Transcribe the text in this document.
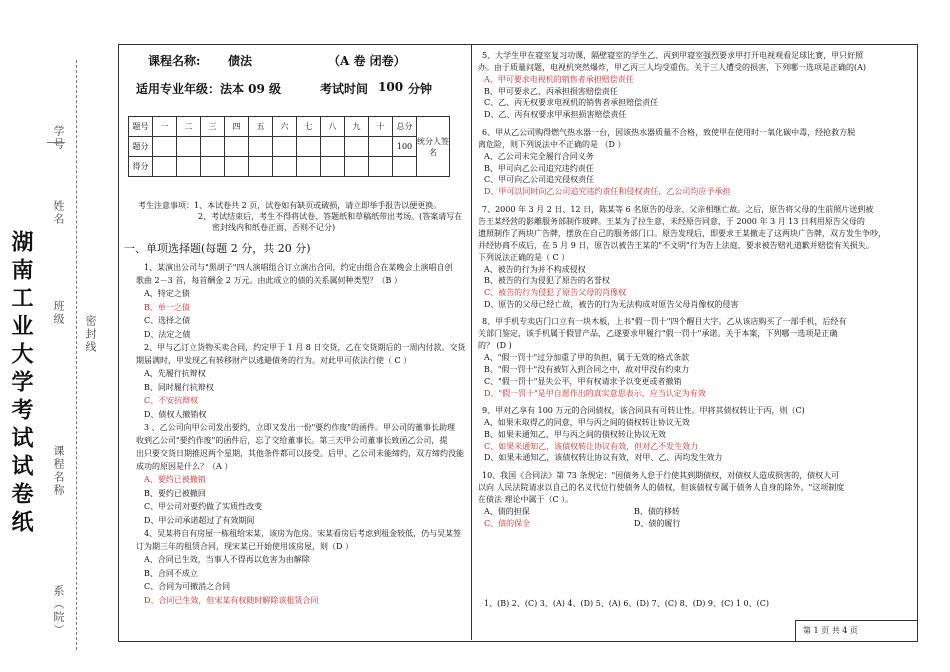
湖南工业大学考试试卷纸
学号
姓名
班级
课程名称
系（院）
密封线
课程名称: 债法	（A 卷 闭卷）
适用专业年级：法本 09 级	考试时间 100 分钟
题号	一	二	三	四	五	六	七	八	九	十	总分	统分人签名
题分											100	
得分												
考生注意事项：1、本试卷共 2 页，试卷如有缺页或破损，请立即举手报告以便更换。
2、考试结束后，考生不得将试卷、答题纸和草稿纸带出考场。(答案请写在
密封线内和纸卷正面，否则不记分)
一、单项选择题(每题 2 分，共 20 分)
1、某演出公司与"黑胡子"四人演唱组合订立演出合同，约定由组合在某晚会上演唱自创
歌曲 2－3 首，每首酬金 2 万元。由此成立的债的关系属何种类型？（B ）
A、特定之债
B、单一之债
C、选择之债
D、法定之债
2、甲与乙订立货物买卖合同，约定甲于 1 月 8 日交货，乙在交货期后的一周内付款。交货
期届满时，甲发现乙有转移财产以逃避债务的行为。对此甲可依法行使（ C ）
A、先履行抗辩权
B、同时履行抗辩权
C、不安抗辩权
D、债权人撤销权
3 、乙公司向甲公司发出要约，立即又发出一份"要约作废"的函件。甲公司的董事长助理
收到乙公司"要约作废"的函件后，忘了交给董事长。第三天甲公司董事长致函乙公司，提
出只要交货日期推迟两个星期，其他条件都可以接受。后甲、乙公司未能缔约，双方缔约没能
成功的原因是什么？（A ）
A、要约已被撤销
B、要约已被撤回
C、甲公司对要约做了实质性改变
D、甲公司承诺超过了有效期间
4、吴某将自有房屋一栋租给宋某，该房为危房。宋某看房后考虑到租金较低，仍与吴某签
订为期三年的租赁合同，现宋某已开始使用该房屋，则（D ）
A、合同已生效，当事人不得再以危害为由解除
B、合同不成立
C、合同为可撤消之合同
D、合同已生效，但宋某有权随时解除该租赁合同
5、大学生甲在寝室复习功课，隔壁寝室的学生乙、丙到甲寝室强烈要求甲打开电视观看足球比赛，甲只好照
办。由于质量问题，电视机突然爆炸，甲乙丙三人均受重伤。关于三人遭受的损害，下列哪一选项是正确的(A)
A、甲可要求电视机的销售者承担赔偿责任
B、甲可要求乙、丙承担损害赔偿责任
C、乙、丙无权要求电视机的销售者承担赔偿责任
D、乙、丙有权要求甲承担损害赔偿责任
6、甲从乙公司购得燃气热水器一台，因该热水器质量不合格，致使甲在使用时一氧化碳中毒，经抢救方脱
离危险，则下列说法中不正确的是 （D ）
A、乙公司未完全履行合同义务
B、甲可向乙公司追究违约责任
C、甲可向乙公司追究侵权责任
D、甲可以同时向乙公司追究违约责任和侵权责任，乙公司均应予承担
7、2000 年 3 月 2 日、12 日，陈某等 6 名原告的母亲、父亲相继亡故。之后，原告将父母的生前照片送到被
告王某经营的影雕服务部制作玻碑。王某为了拉生意，未经原告同意，于 2000 年 3 月 13 日利用原告父母的
遗照制作了两块广告牌，摆放在自己的服务部门口。原告发现后，即要求王某撤走了这两块广告牌，双方发生争吵，
并经协商不成后，在 5 月 9 日，原告以被告王某的"不文明"行为告上法庭，要求被告赔礼道歉并赔偿有关损失。
下列说法正确的是（ C ）
A、被告的行为并不构成侵权
B、被告的行为侵犯了原告的名誉权
C、被告的行为侵犯了原告父母的肖像权
D、原告的父母已经亡故，被告的行为无法构成对原告父母肖像权的侵害
8、甲手机专卖店门口立有一块木板，上书"假一罚十"四个醒目大字。乙从该店购买了一部手机，后经有
关部门鉴定，该手机属于假冒产品，乙遂要求甲履行"假一罚十"承诺。关于本案，下列哪一选项是正确
的？ (D )
A、"假一罚十"过分加重了甲的负担，属于无效的格式条款
B、"假一罚十"没有被钉入到合同之中，故对甲没有约束力
C、"假一罚十"显失公平，甲有权请求予以变更或者撤销
D、"假一罚十"是甲自愿作出的真实意思表示，应当认定为有效
9、甲对乙享有 100 万元的合同债权，该合同具有可转让性。甲将其债权转让于丙，则（C)
A、如果未取得乙的同意，甲与丙之间的债权转让协议无效
B、如果未通知乙，甲与丙之间的债权转让协议无效
C、如果未通知乙，该债权转让协议有效，但对乙不发生效力
D、如果未通知乙，该债权转让协议有效，对甲、乙、丙均发生效力
10、我国《合同法》第 73 条规定："因债务人怠于行使其到期债权，对债权人造成损害的，债权人可
以向 人民法院请求以自己的名义代位行使债务人的债权，但该债权专属于债务人自身的除外。"这项制度
在债法 理论中属于（C ）。
A、债的担保	B、债的移转
C、债的保全	D、债的履行
1、(B) 2、(C) 3、(A) 4、(D) 5、(A) 6、(D) 7、(C) 8、(D) 9、(C) 1 0、(C)
第 1 页 共 4 页
